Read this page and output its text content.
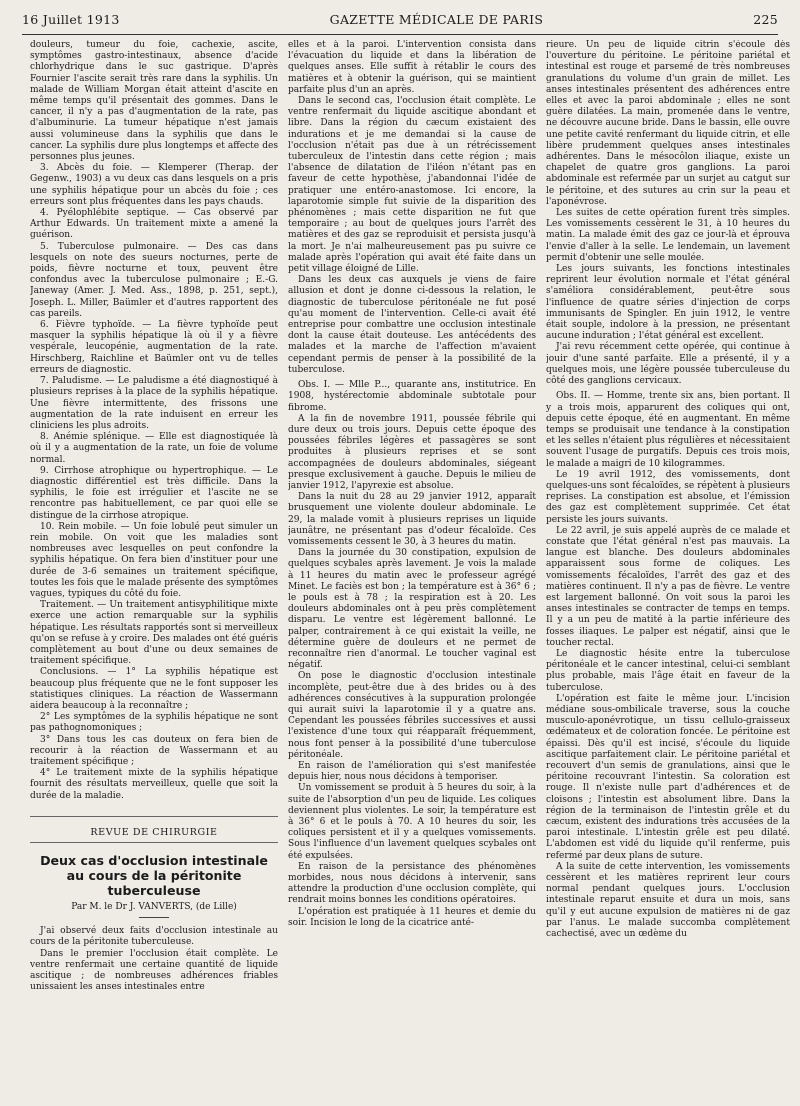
16 Juillet 1913	GAZETTE MÉDICALE DE PARIS	225

douleurs, tumeur du foie, cachexie, ascite, symptômes gastro-intestinaux, absence d'acide chlorhydrique dans le suc gastrique. D'après Fournier l'ascite serait très rare dans la syphilis. Un malade de William Morgan était atteint d'ascite en même temps qu'il présentait des gommes. Dans le cancer, il n'y a pas d'augmentation de la rate, pas d'albuminurie. La tumeur hépatique n'est jamais aussi volumineuse dans la syphilis que dans le cancer. La syphilis dure plus longtemps et affecte des personnes plus jeunes.

3. Abcès du foie. — Klemperer (Therap. der Gegenw., 1903) a vu deux cas dans lesquels on a pris une syphilis hépatique pour un abcès du foie ; ces erreurs sont plus fréquentes dans les pays chauds.

4. Pyélophlébite septique. — Cas observé par Arthur Edwards. Un traitement mixte a amené la guérison.

5. Tuberculose pulmonaire. — Des cas dans lesquels on note des sueurs nocturnes, perte de poids, fièvre nocturne et toux, peuvent être confondus avec la tuberculose pulmonaire ; E.-G. Janeway (Amer. J. Med. Ass., 1898, p. 251, sept.), Joseph. L. Miller, Baümler et d'autres rapportent des cas pareils.

6. Fièvre typhoïde. — La fièvre typhoïde peut masquer la syphilis hépatique là où il y a fièvre vespérale, leucopénie, augmentation de la rate. Hirschberg, Raichline et Baümler ont vu de telles erreurs de diagnostic.

7. Paludisme. — Le paludisme a été diagnostiqué à plusieurs reprises à la place de la syphilis hépatique. Une fièvre intermittente, des frissons une augmentation de la rate induisent en erreur les cliniciens les plus adroits.

8. Anémie splénique. — Elle est diagnostiquée là où il y a augmentation de la rate, un foie de volume normal.

9. Cirrhose atrophique ou hypertrophique. — Le diagnostic différentiel est très difficile. Dans la syphilis, le foie est irrégulier et l'ascite ne se rencontre pas habituellement, ce par quoi elle se distingue de la cirrhose atropique.

10. Rein mobile. — Un foie lobulé peut simuler un rein mobile. On voit que les maladies sont nombreuses avec lesquelles on peut confondre la syphilis hépatique. On fera bien d'instituer pour une durée de 3-6 semaines un traitement spécifique, toutes les fois que le malade présente des symptômes vagues, typiques du côté du foie.

Traitement. — Un traitement antisyphilitique mixte exerce une action remarquable sur la syphilis hépatique. Les résultats rapportés sont si merveilleux qu'on se refuse à y croire. Des malades ont été guéris complètement au bout d'une ou deux semaines de traitement spécifique.

Conclusions. — 1° La syphilis hépatique est beaucoup plus fréquente que ne le font supposer les statistiques cliniques. La réaction de Wassermann aidera beaucoup à la reconnaître ;

2° Les symptômes de la syphilis hépatique ne sont pas pathognomoniques ;

3° Dans tous les cas douteux on fera bien de recourir à la réaction de Wassermann et au traitement spécifique ;

4° Le traitement mixte de la syphilis hépatique fournit des résultats merveilleux, quelle que soit la durée de la maladie.

REVUE DE CHIRURGIE
Deux cas d'occlusion intestinale au cours de la péritonite tuberculeuse
Par M. le Dr J. VANVERTS, (de Lille)

J'ai observé deux faits d'occlusion intestinale au cours de la péritonite tuberculeuse.

Dans le premier l'occlusion était complète. Le ventre renfermait une certaine quantité de liquide ascitique ; de nombreuses adhérences friables unissaient les anses intestinales entre

elles et à la paroi. L'intervention consista dans l'évacuation du liquide et dans la libération de quelques anses. Elle suffit à rétablir le cours des matières et à obtenir la guérison, qui se maintient parfaite plus d'un an après.

Dans le second cas, l'occlusion était complète. Le ventre renfermait du liquide ascitique abondant et libre. Dans la région du cæcum existaient des indurations et je me demandai si la cause de l'occlusion n'était pas due à un rétrécissement tuberculeux de l'intestin dans cette région ; mais l'absence de dilatation de l'iléon n'étant pas en faveur de cette hypothèse, j'abandonnai l'idée de pratiquer une entéro-anastomose. Ici encore, la laparotomie simple fut suivie de la disparition des phénomènes ; mais cette disparition ne fut que temporaire ; au bout de quelques jours l'arrêt des matières et des gaz se reproduisit et persista jusqu'à la mort. Je n'ai malheureusement pas pu suivre ce malade après l'opération qui avait été faite dans un petit village éloigné de Lille.

Dans les deux cas auxquels je viens de faire allusion et dont je donne ci-dessous la relation, le diagnostic de tuberculose péritonéale ne fut posé qu'au moment de l'intervention. Celle-ci avait été entreprise pour combattre une occlusion intestinale dont la cause était douteuse. Les antécédents des malades et la marche de l'affection m'avaient cependant permis de penser à la possibilité de la tuberculose.

Obs. I. — Mlle P..., quarante ans, institutrice. En 1908, hystérectomie abdominale subtotale pour fibrome.

A la fin de novembre 1911, poussée fébrile qui dure deux ou trois jours. Depuis cette époque des poussées fébriles légères et passagères se sont produites à plusieurs reprises et se sont accompagnées de douleurs abdominales, siégeant presque exclusivement à gauche. Depuis le milieu de janvier 1912, l'apyrexie est absolue.

Dans la nuit du 28 au 29 janvier 1912, apparaît brusquement une violente douleur abdominale. Le 29, la malade vomit à plusieurs reprises un liquide jaunâtre, ne présentant pas d'odeur fécaloïde. Ces vomissements cessent le 30, à 3 heures du matin.

Dans la journée du 30 constipation, expulsion de quelques scybales après lavement. Je vois la malade à 11 heures du matin avec le professeur agrégé Minet. Le faciès est bon ; la température est à 36° 6 ; le pouls est à 78 ; la respiration est à 20. Les douleurs abdominales ont à peu près complètement disparu. Le ventre est légèrement ballonné. Le palper, contrairement à ce qui existait la veille, ne détermine guère de douleurs et ne permet de reconnaître rien d'anormal. Le toucher vaginal est négatif.

On pose le diagnostic d'occlusion intestinale incomplète, peut-être due à des brides ou à des adhérences consécutives à la suppuration prolongée qui aurait suivi la laparotomie il y a quatre ans. Cependant les poussées fébriles successives et aussi l'existence d'une toux qui réapparaît fréquemment, nous font penser à la possibilité d'une tuberculose péritonéale.

En raison de l'amélioration qui s'est manifestée depuis hier, nous nous décidons à temporiser.

Un vomissement se produit à 5 heures du soir, à la suite de l'absorption d'un peu de liquide. Les coliques deviennent plus violentes. Le soir, la température est à 36° 6 et le pouls à 70. A 10 heures du soir, les coliques persistent et il y a quelques vomissements. Sous l'influence d'un lavement quelques scybales ont été expulsées.

En raison de la persistance des phénomènes morbides, nous nous décidons à intervenir, sans attendre la production d'une occlusion complète, qui rendrait moins bonnes les conditions opératoires.

L'opération est pratiquée à 11 heures et demie du soir. Incision le long de la cicatrice anté-

rieure. Un peu de liquide citrin s'écoule dès l'ouverture du péritoine. Le péritoine pariétal et intestinal est rouge et parsemé de très nombreuses granulations du volume d'un grain de millet. Les anses intestinales présentent des adhérences entre elles et avec la paroi abdominale ; elles ne sont guère dilatées. La main, promenée dans le ventre, ne découvre aucune bride. Dans le bassin, elle ouvre une petite cavité renfermant du liquide citrin, et elle libère prudemment quelques anses intestinales adhérentes. Dans le mésocôlon iliaque, existe un chapelet de quatre gros ganglions. La paroi abdominale est refermée par un surjet au catgut sur le péritoine, et des sutures au crin sur la peau et l'aponévrose.

Les suites de cette opération furent très simples. Les vomissements cessèrent le 31, à 10 heures du matin. La malade émit des gaz ce jour-là et éprouva l'envie d'aller à la selle. Le lendemain, un lavement permit d'obtenir une selle moulée.

Les jours suivants, les fonctions intestinales reprirent leur évolution normale et l'état général s'améliora considérablement, peut-être sous l'influence de quatre séries d'injection de corps immunisants de Spingler. En juin 1912, le ventre était souple, indolore à la pression, ne présentant aucune induration ; l'état général est excellent.

J'ai revu récemment cette opérée, qui continue à jouir d'une santé parfaite. Elle a présenté, il y a quelques mois, une légère poussée tuberculeuse du côté des ganglions cervicaux.

Obs. II. — Homme, trente six ans, bien portant. Il y a trois mois, apparurent des coliques qui ont, depuis cette époque, été en augmentant. En même temps se produisait une tendance à la constipation et les selles n'étaient plus régulières et nécessitaient souvent l'usage de purgatifs. Depuis ces trois mois, le malade a maigri de 10 kilogrammes.

Le 19 avril 1912, des vomissements, dont quelques-uns sont fécaloïdes, se répètent à plusieurs reprises. La constipation est absolue, et l'émission des gaz est complètement supprimée. Cet état persiste les jours suivants.

Le 22 avril, je suis appelé auprès de ce malade et constate que l'état général n'est pas mauvais. La langue est blanche. Des douleurs abdominales apparaissent sous forme de coliques. Les vomissements fécaloïdes, l'arrêt des gaz et des matières continuent. Il n'y a pas de fièvre. Le ventre est largement ballonné. On voit sous la paroi les anses intestinales se contracter de temps en temps. Il y a un peu de matité à la partie inférieure des fosses iliaques. Le palper est négatif, ainsi que le toucher rectal.

Le diagnostic hésite entre la tuberculose péritonéale et le cancer intestinal, celui-ci semblant plus probable, mais l'âge était en faveur de la tuberculose.

L'opération est faite le même jour. L'incision médiane sous-ombilicale traverse, sous la couche musculo-aponévrotique, un tissu cellulo-graisseux œdémateux et de coloration foncée. Le péritoine est épaissi. Dès qu'il est incisé, s'écoule du liquide ascitique parfaitement clair. Le péritoine pariétal et recouvert d'un semis de granulations, ainsi que le péritoine recouvrant l'intestin. Sa coloration est rouge. Il n'existe nulle part d'adhérences et de cloisons ; l'intestin est absolument libre. Dans la région de la terminaison de l'intestin grêle et du cæcum, existent des indurations très accusées de la paroi intestinale. L'intestin grêle est peu dilaté. L'abdomen est vidé du liquide qu'il renferme, puis refermé par deux plans de suture.

A la suite de cette intervention, les vomissements cessèrent et les matières reprirent leur cours normal pendant quelques jours. L'occlusion intestinale reparut ensuite et dura un mois, sans qu'il y eut aucune expulsion de matières ni de gaz par l'anus. Le malade succomba complètement cachectisé, avec un œdème du
